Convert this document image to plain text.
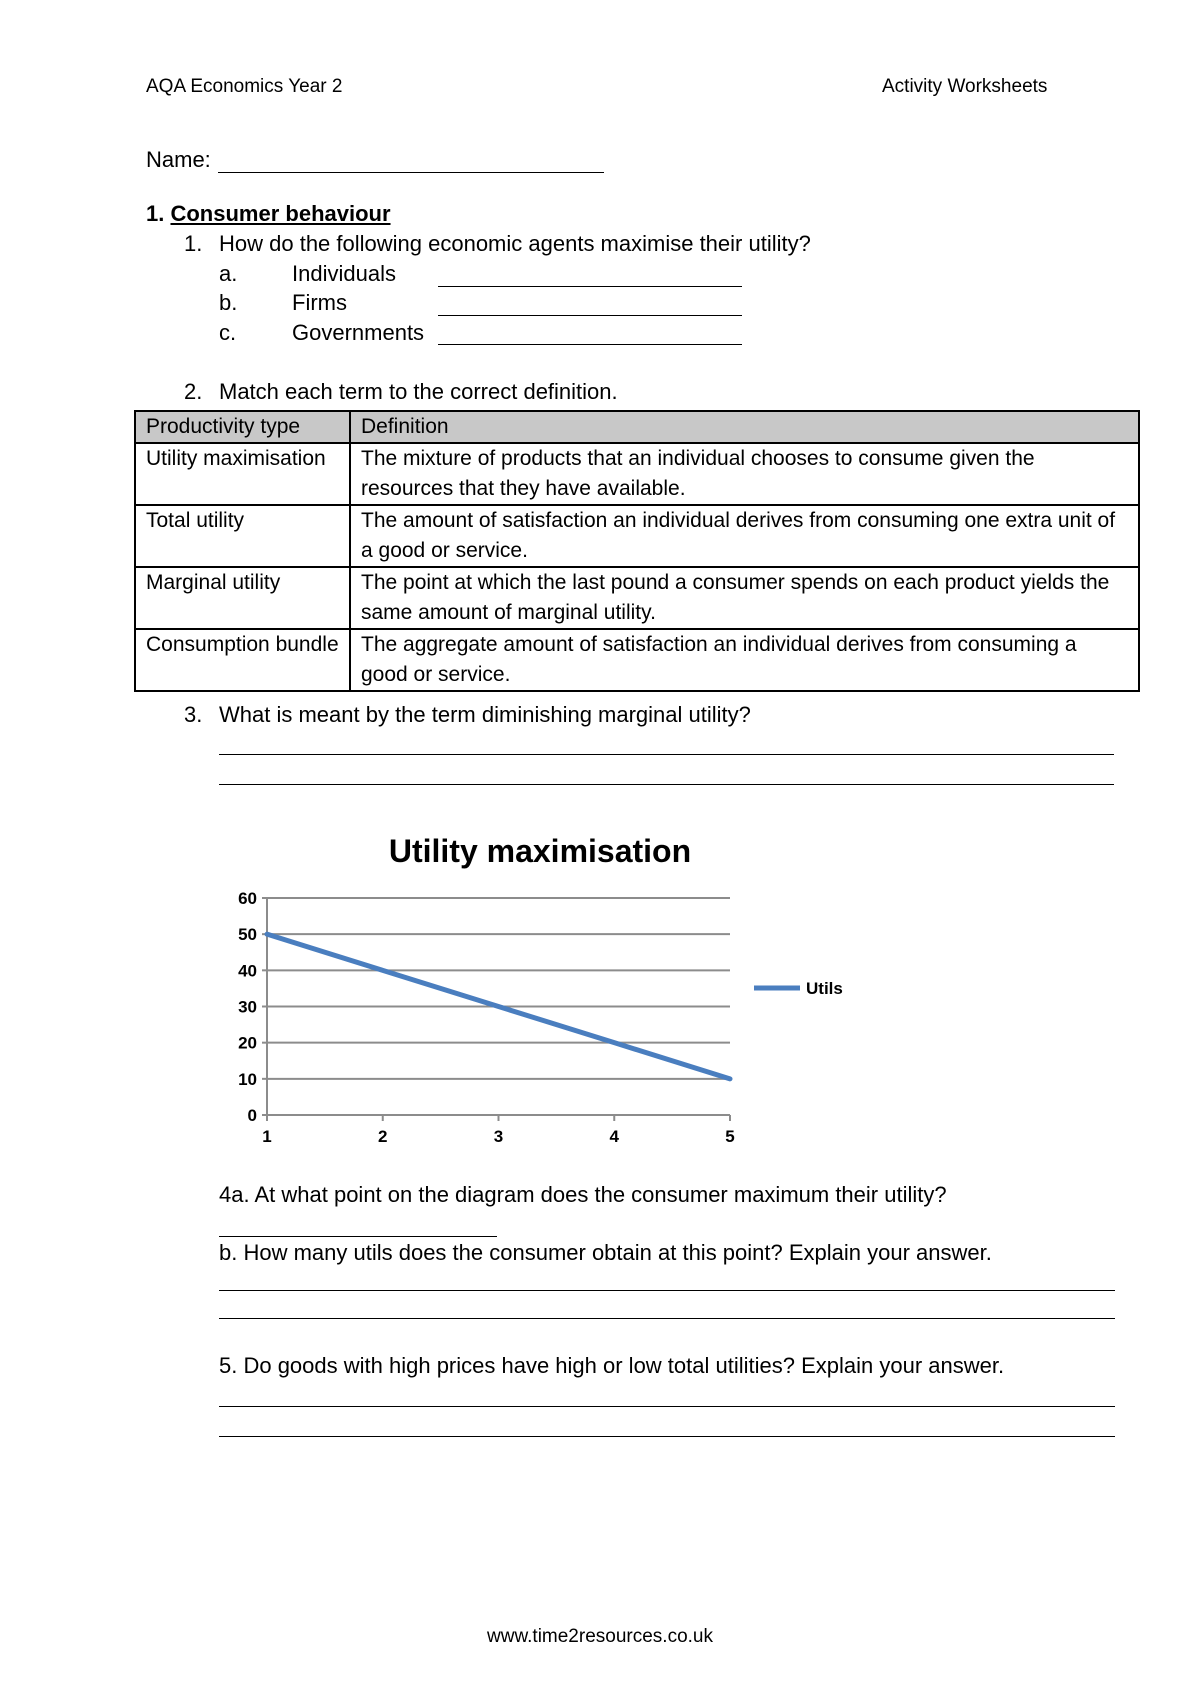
AQA Economics Year 2	Activity Worksheets
Name:
1. Consumer behaviour
1. How do the following economic agents maximise their utility?
a. Individuals
b. Firms
c.	Governments
2. Match each term to the correct definition.
Productivity type	Definition
Utility maximisation	The mixture of products that an individual chooses to consume given the resources that they have available.
Total utility	The amount of satisfaction an individual derives from consuming one extra unit of a good or service.
Marginal utility	The point at which the last pound a consumer spends on each product yields the same amount of marginal utility.
Consumption bundle	The aggregate amount of satisfaction an individual derives from consuming a good or service.
3. What is meant by the term diminishing marginal utility?
Utility maximisation
0
10
20
30
40
50
60
1	2	3	4	5
Utils
4a. At what point on the diagram does the consumer maximum their utility?
b. How many utils does the consumer obtain at this point? Explain your answer.
5. Do goods with high prices have high or low total utilities? Explain your answer.
www.time2resources.co.uk
